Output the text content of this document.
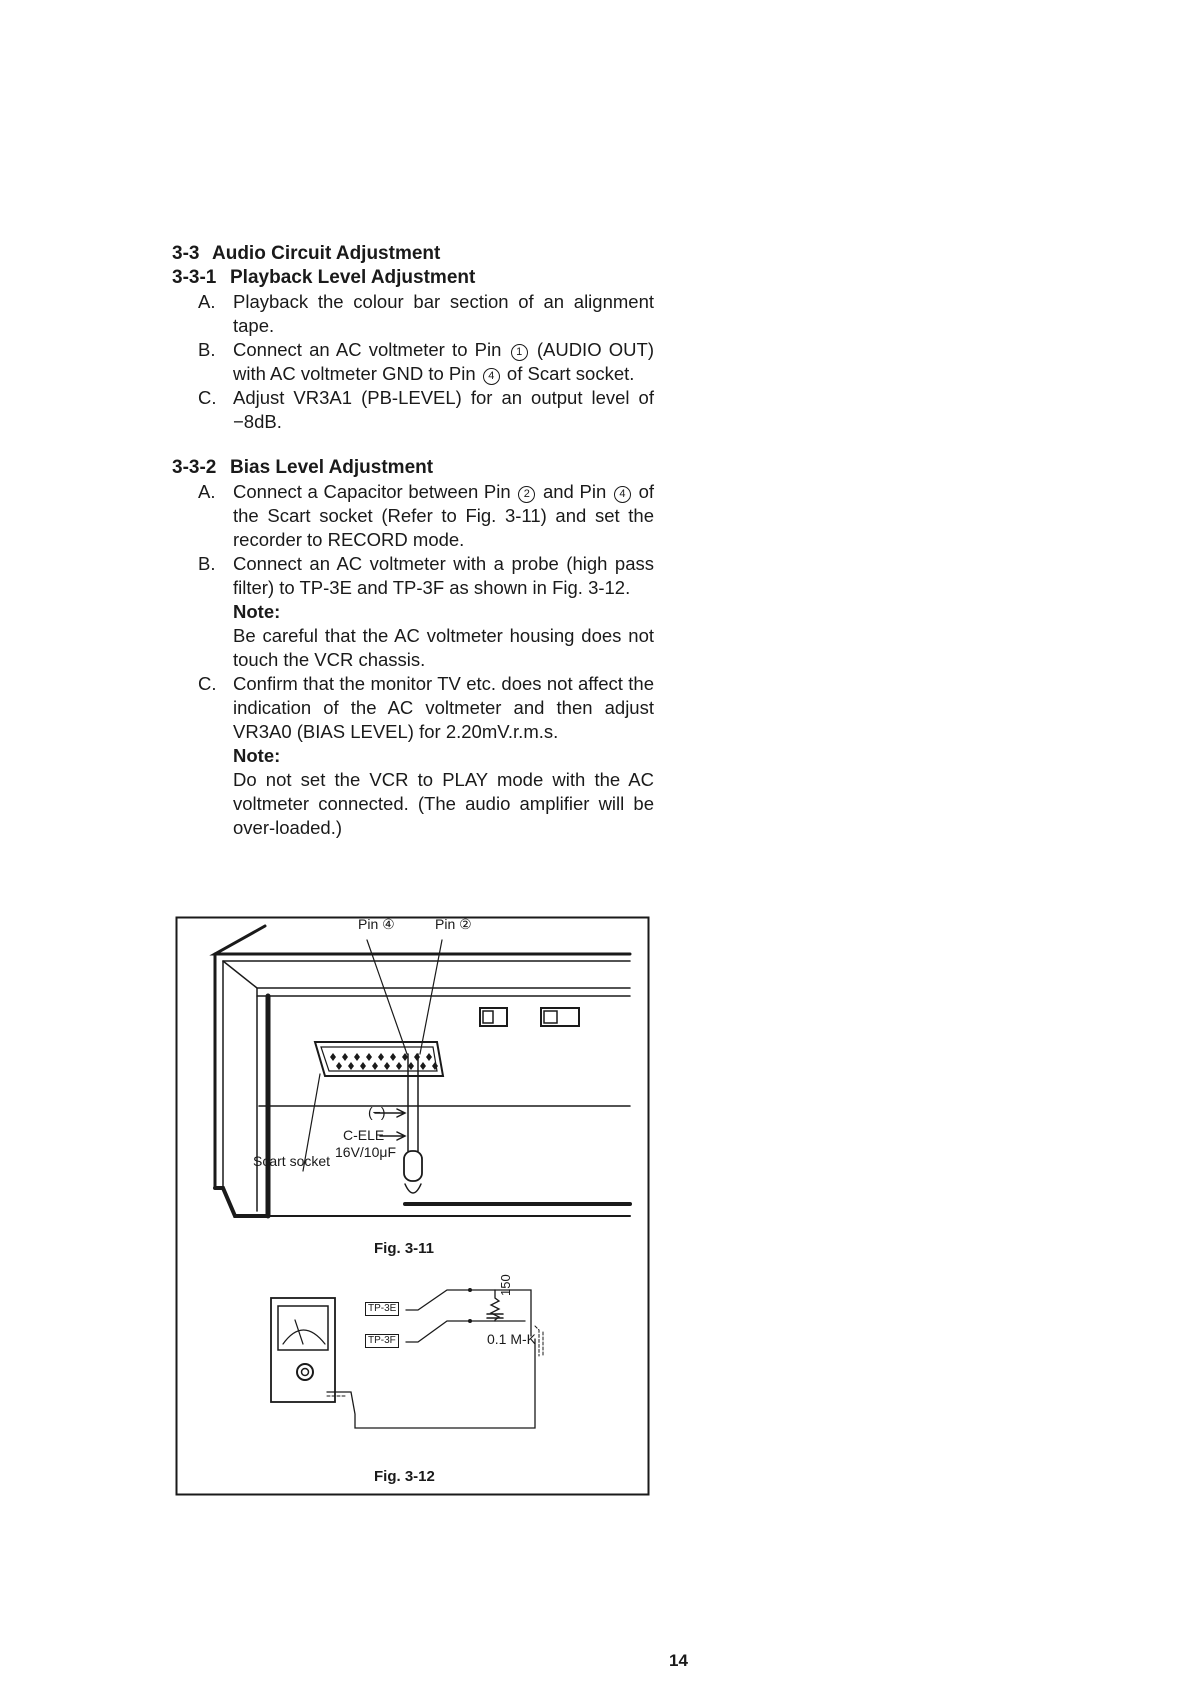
3-3 Audio Circuit Adjustment

3-3-1 Playback Level Adjustment

A. Playback the colour bar section of an alignment tape.
B. Connect an AC voltmeter to Pin 1 (AUDIO OUT) with AC voltmeter GND to Pin 4 of Scart socket.
C. Adjust VR3A1 (PB-LEVEL) for an output level of −8dB.

3-3-2 Bias Level Adjustment

A. Connect a Capacitor between Pin 2 and Pin 4 of the Scart socket (Refer to Fig. 3-11) and set the recorder to RECORD mode.
B. Connect an AC voltmeter with a probe (high pass filter) to TP-3E and TP-3F as shown in Fig. 3-12.
Note:
Be careful that the AC voltmeter housing does not touch the VCR chassis.
C. Confirm that the monitor TV etc. does not affect the indication of the AC voltmeter and then adjust VR3A0 (BIAS LEVEL) for 2.20mV.r.m.s.
Note:
Do not set the VCR to PLAY mode with the AC voltmeter connected. (The audio amplifier will be over-loaded.)
Pin ④	Pin ②
(−)
C-ELE
16V/10μF
Scart socket
Fig. 3-11
TP-3E
TP-3F
150
0.1 M-K
Fig. 3-12
14
